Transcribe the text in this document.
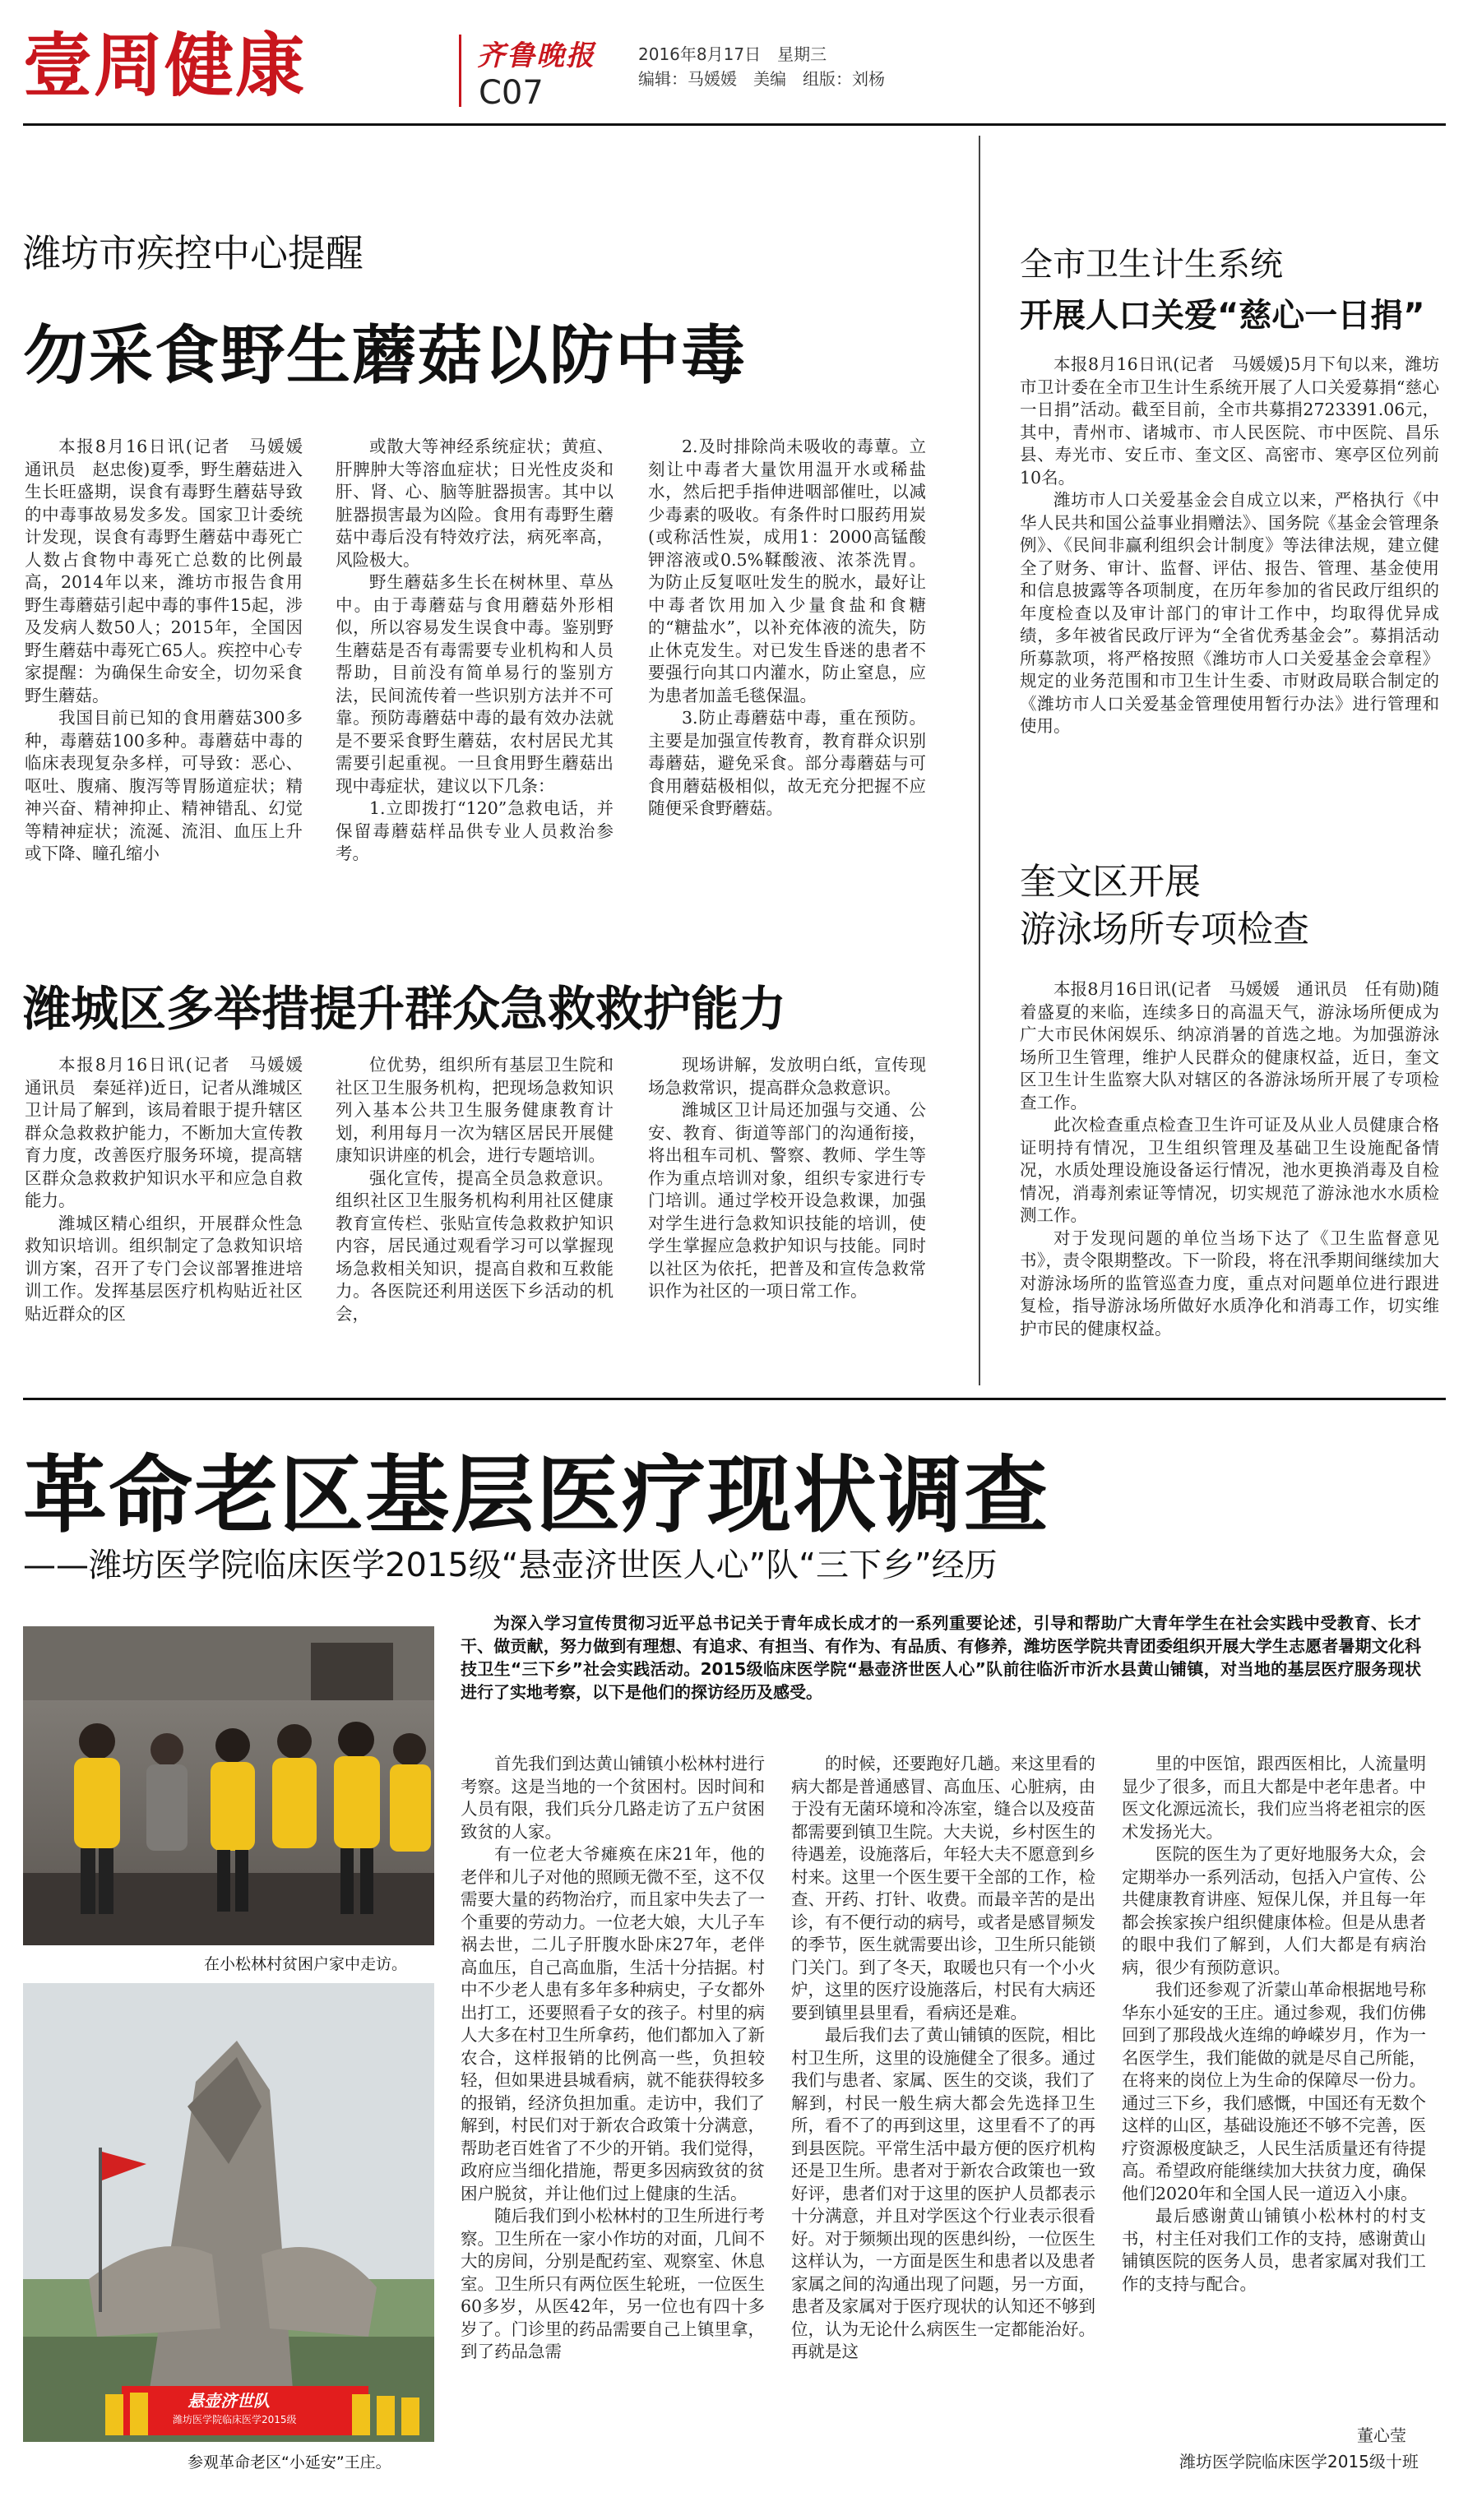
壹周健康	齐鲁晚报
C07
2016年8月17日　星期三
编辑：马媛媛　美编　组版：刘杨
潍坊市疾控中心提醒
勿采食野生蘑菇以防中毒

本报8月16日讯(记者　马媛媛　通讯员　赵忠俊)夏季，野生蘑菇进入生长旺盛期，误食有毒野生蘑菇导致的中毒事故易发多发。国家卫计委统计发现，误食有毒野生蘑菇中毒死亡人数占食物中毒死亡总数的比例最高，2014年以来，潍坊市报告食用野生毒蘑菇引起中毒的事件15起，涉及发病人数50人；2015年，全国因野生蘑菇中毒死亡65人。疾控中心专家提醒：为确保生命安全，切勿采食野生蘑菇。

我国目前已知的食用蘑菇300多种，毒蘑菇100多种。毒蘑菇中毒的临床表现复杂多样，可导致：恶心、呕吐、腹痛、腹泻等胃肠道症状；精神兴奋、精神抑止、精神错乱、幻觉等精神症状；流涎、流泪、血压上升或下降、瞳孔缩小

或散大等神经系统症状；黄疸、肝脾肿大等溶血症状；日光性皮炎和肝、肾、心、脑等脏器损害。其中以脏器损害最为凶险。食用有毒野生蘑菇中毒后没有特效疗法，病死率高，风险极大。

野生蘑菇多生长在树林里、草丛中。由于毒蘑菇与食用蘑菇外形相似，所以容易发生误食中毒。鉴别野生蘑菇是否有毒需要专业机构和人员帮助，目前没有简单易行的鉴别方法，民间流传着一些识别方法并不可靠。预防毒蘑菇中毒的最有效办法就是不要采食野生蘑菇，农村居民尤其需要引起重视。一旦食用野生蘑菇出现中毒症状，建议以下几条：

1.立即拨打“120”急救电话，并保留毒蘑菇样品供专业人员救治参考。

2.及时排除尚未吸收的毒蕈。立刻让中毒者大量饮用温开水或稀盐水，然后把手指伸进咽部催吐，以减少毒素的吸收。有条件时口服药用炭(或称活性炭，成用1：2000高锰酸钾溶液或0.5%鞣酸液、浓茶洗胃。为防止反复呕吐发生的脱水，最好让中毒者饮用加入少量食盐和食糖的“糖盐水”，以补充体液的流失，防止休克发生。对已发生昏迷的患者不要强行向其口内灌水，防止窒息，应为患者加盖毛毯保温。

3.防止毒蘑菇中毒，重在预防。主要是加强宣传教育，教育群众识别毒蘑菇，避免采食。部分毒蘑菇与可食用蘑菇极相似，故无充分把握不应随便采食野蘑菇。

潍城区多举措提升群众急救救护能力

本报8月16日讯(记者　马媛媛　通讯员　秦延祥)近日，记者从潍城区卫计局了解到，该局着眼于提升辖区群众急救救护能力，不断加大宣传教育力度，改善医疗服务环境，提高辖区群众急救救护知识水平和应急自救能力。

潍城区精心组织，开展群众性急救知识培训。组织制定了急救知识培训方案，召开了专门会议部署推进培训工作。发挥基层医疗机构贴近社区贴近群众的区

位优势，组织所有基层卫生院和社区卫生服务机构，把现场急救知识列入基本公共卫生服务健康教育计划，利用每月一次为辖区居民开展健康知识讲座的机会，进行专题培训。

强化宣传，提高全员急救意识。组织社区卫生服务机构利用社区健康教育宣传栏、张贴宣传急救救护知识内容，居民通过观看学习可以掌握现场急救相关知识，提高自救和互救能力。各医院还利用送医下乡活动的机会，

现场讲解，发放明白纸，宣传现场急救常识，提高群众急救意识。

潍城区卫计局还加强与交通、公安、教育、街道等部门的沟通衔接，将出租车司机、警察、教师、学生等作为重点培训对象，组织专家进行专门培训。通过学校开设急救课，加强对学生进行急救知识技能的培训，使学生掌握应急救护知识与技能。同时以社区为依托，把普及和宣传急救常识作为社区的一项日常工作。

全市卫生计生系统
开展人口关爱“慈心一日捐”

本报8月16日讯(记者　马媛媛)5月下旬以来，潍坊市卫计委在全市卫生计生系统开展了人口关爱募捐“慈心一日捐”活动。截至目前，全市共募捐2723391.06元，其中，青州市、诸城市、市人民医院、市中医院、昌乐县、寿光市、安丘市、奎文区、高密市、寒亭区位列前10名。

潍坊市人口关爱基金会自成立以来，严格执行《中华人民共和国公益事业捐赠法》、国务院《基金会管理条例》、《民间非赢利组织会计制度》等法律法规，建立健全了财务、审计、监督、评估、报告、管理、基金使用和信息披露等各项制度，在历年参加的省民政厅组织的年度检查以及审计部门的审计工作中，均取得优异成绩，多年被省民政厅评为“全省优秀基金会”。募捐活动所募款项，将严格按照《潍坊市人口关爱基金会章程》规定的业务范围和市卫生计生委、市财政局联合制定的《潍坊市人口关爱基金管理使用暂行办法》进行管理和使用。

奎文区开展
游泳场所专项检查

本报8月16日讯(记者　马媛媛　通讯员　任有勋)随着盛夏的来临，连续多日的高温天气，游泳场所便成为广大市民休闲娱乐、纳凉消暑的首选之地。为加强游泳场所卫生管理，维护人民群众的健康权益，近日，奎文区卫生计生监察大队对辖区的各游泳场所开展了专项检查工作。

此次检查重点检查卫生许可证及从业人员健康合格证明持有情况，卫生组织管理及基础卫生设施配备情况，水质处理设施设备运行情况，池水更换消毒及自检情况，消毒剂索证等情况，切实规范了游泳池水水质检测工作。

对于发现问题的单位当场下达了《卫生监督意见书》，责令限期整改。下一阶段，将在汛季期间继续加大对游泳场所的监管巡查力度，重点对问题单位进行跟进复检，指导游泳场所做好水质净化和消毒工作，切实维护市民的健康权益。

革命老区基层医疗现状调查
——潍坊医学院临床医学2015级“悬壶济世医人心”队“三下乡”经历
为深入学习宣传贯彻习近平总书记关于青年成长成才的一系列重要论述，引导和帮助广大青年学生在社会实践中受教育、长才干、做贡献，努力做到有理想、有追求、有担当、有作为、有品质、有修养，潍坊医学院共青团委组织开展大学生志愿者暑期文化科技卫生“三下乡”社会实践活动。2015级临床医学院“悬壶济世医人心”队前往临沂市沂水县黄山铺镇，对当地的基层医疗服务现状进行了实地考察，以下是他们的探访经历及感受。
在小松林村贫困户家中走访。
悬壶济世队
潍坊医学院临床医学2015级
参观革命老区“小延安”王庄。

首先我们到达黄山铺镇小松林村进行考察。这是当地的一个贫困村。因时间和人员有限，我们兵分几路走访了五户贫困致贫的人家。

有一位老大爷瘫痪在床21年，他的老伴和儿子对他的照顾无微不至，这不仅需要大量的药物治疗，而且家中失去了一个重要的劳动力。一位老大娘，大儿子车祸去世，二儿子肝腹水卧床27年，老伴高血压，自己高血脂，生活十分拮据。村中不少老人患有多年多种病史，子女都外出打工，还要照看子女的孩子。村里的病人大多在村卫生所拿药，他们都加入了新农合，这样报销的比例高一些，负担较轻，但如果进县城看病，就不能获得较多的报销，经济负担加重。走访中，我们了解到，村民们对于新农合政策十分满意，帮助老百姓省了不少的开销。我们觉得，政府应当细化措施，帮更多因病致贫的贫困户脱贫，并让他们过上健康的生活。

随后我们到小松林村的卫生所进行考察。卫生所在一家小作坊的对面，几间不大的房间，分别是配药室、观察室、休息室。卫生所只有两位医生轮班，一位医生60多岁，从医42年，另一位也有四十多岁了。门诊里的药品需要自己上镇里拿，到了药品急需

的时候，还要跑好几趟。来这里看的病大都是普通感冒、高血压、心脏病，由于没有无菌环境和冷冻室，缝合以及疫苗都需要到镇卫生院。大夫说，乡村医生的待遇差，设施落后，年轻大夫不愿意到乡村来。这里一个医生要干全部的工作，检查、开药、打针、收费。而最辛苦的是出诊，有不便行动的病号，或者是感冒频发的季节，医生就需要出诊，卫生所只能锁门关门。到了冬天，取暖也只有一个小火炉，这里的医疗设施落后，村民有大病还要到镇里县里看，看病还是难。

最后我们去了黄山铺镇的医院，相比村卫生所，这里的设施健全了很多。通过我们与患者、家属、医生的交谈，我们了解到，村民一般生病大都会先选择卫生所，看不了的再到这里，这里看不了的再到县医院。平常生活中最方便的医疗机构还是卫生所。患者对于新农合政策也一致好评，患者们对于这里的医护人员都表示十分满意，并且对学医这个行业表示很看好。对于频频出现的医患纠纷，一位医生这样认为，一方面是医生和患者以及患者家属之间的沟通出现了问题，另一方面，患者及家属对于医疗现状的认知还不够到位，认为无论什么病医生一定都能治好。再就是这

里的中医馆，跟西医相比，人流量明显少了很多，而且大都是中老年患者。中医文化源远流长，我们应当将老祖宗的医术发扬光大。

医院的医生为了更好地服务大众，会定期举办一系列活动，包括入户宣传、公共健康教育讲座、短保儿保，并且每一年都会挨家挨户组织健康体检。但是从患者的眼中我们了解到，人们大都是有病治病，很少有预防意识。

我们还参观了沂蒙山革命根据地号称华东小延安的王庄。通过参观，我们仿佛回到了那段战火连绵的峥嵘岁月，作为一名医学生，我们能做的就是尽自己所能，在将来的岗位上为生命的保障尽一份力。通过三下乡，我们感慨，中国还有无数个这样的山区，基础设施还不够不完善，医疗资源极度缺乏，人民生活质量还有待提高。希望政府能继续加大扶贫力度，确保他们2020年和全国人民一道迈入小康。

最后感谢黄山铺镇小松林村的村支书，村主任对我们工作的支持，感谢黄山铺镇医院的医务人员，患者家属对我们工作的支持与配合。

董心莹
潍坊医学院临床医学2015级十班
